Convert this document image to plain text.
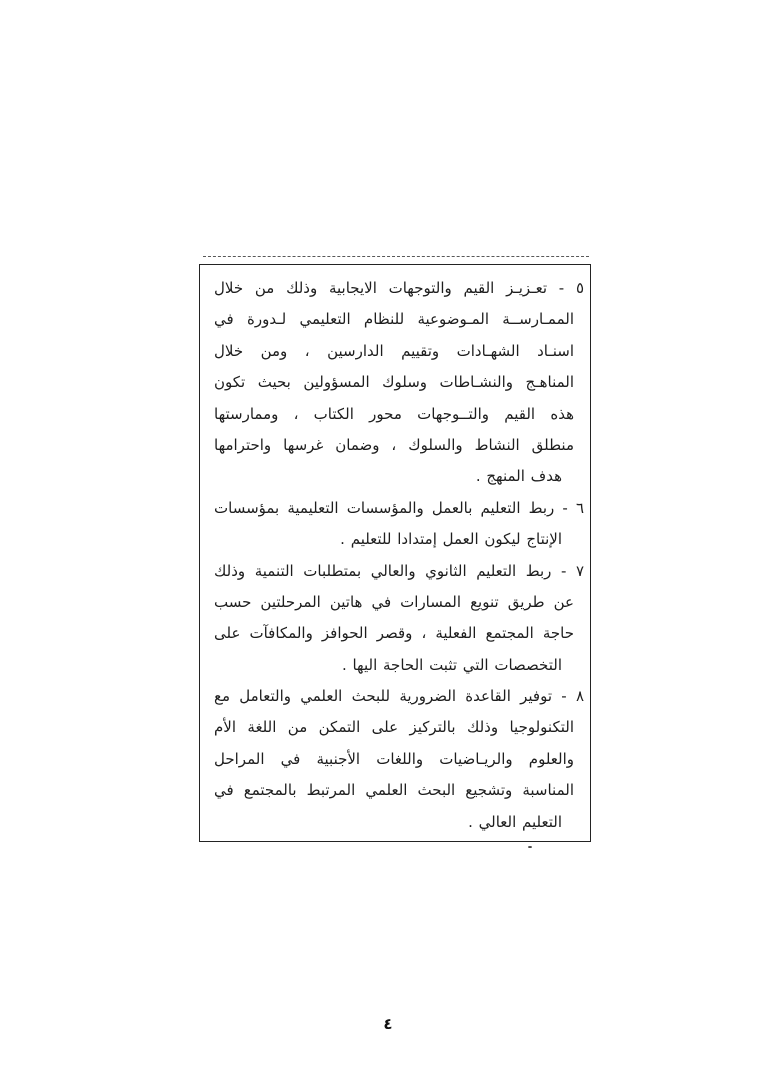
٥ - تعـزيـز القيم والتوجهات الايجابية وذلك من خلال
الممـارســة المـوضوعية للنظام التعليمي لـدورة في
اسنـاد الشهـادات وتقييم الدارسين ، ومن خلال
المناهـج والنشـاطات وسلوك المسؤولين بحيث تكون
هذه القيم والتــوجهات محور الكتاب ، وممارستها
منطلق النشاط والسلوك ، وضمان غرسها واحترامها
هدف المنهج .
٦ - ربط التعليم بالعمل والمؤسسات التعليمية بمؤسسات
الإنتاج ليكون العمل إمتدادا للتعليم .
٧ - ربط التعليم الثانوي والعالي بمتطلبات التنمية وذلك
عن طريق تنويع المسارات في هاتين المرحلتين حسب
حاجة المجتمع الفعلية ، وقصر الحوافز والمكافآت على
التخصصات التي تثبت الحاجة اليها .
٨ - توفير القاعدة الضرورية للبحث العلمي والتعامل مع
التكنولوجيا وذلك بالتركيز على التمكن من اللغة الأم
والعلوم والريـاضيات واللغات الأجنبية في المراحل
المناسبة وتشجيع البحث العلمي المرتبط بالمجتمع في
التعليم العالي .
٤
